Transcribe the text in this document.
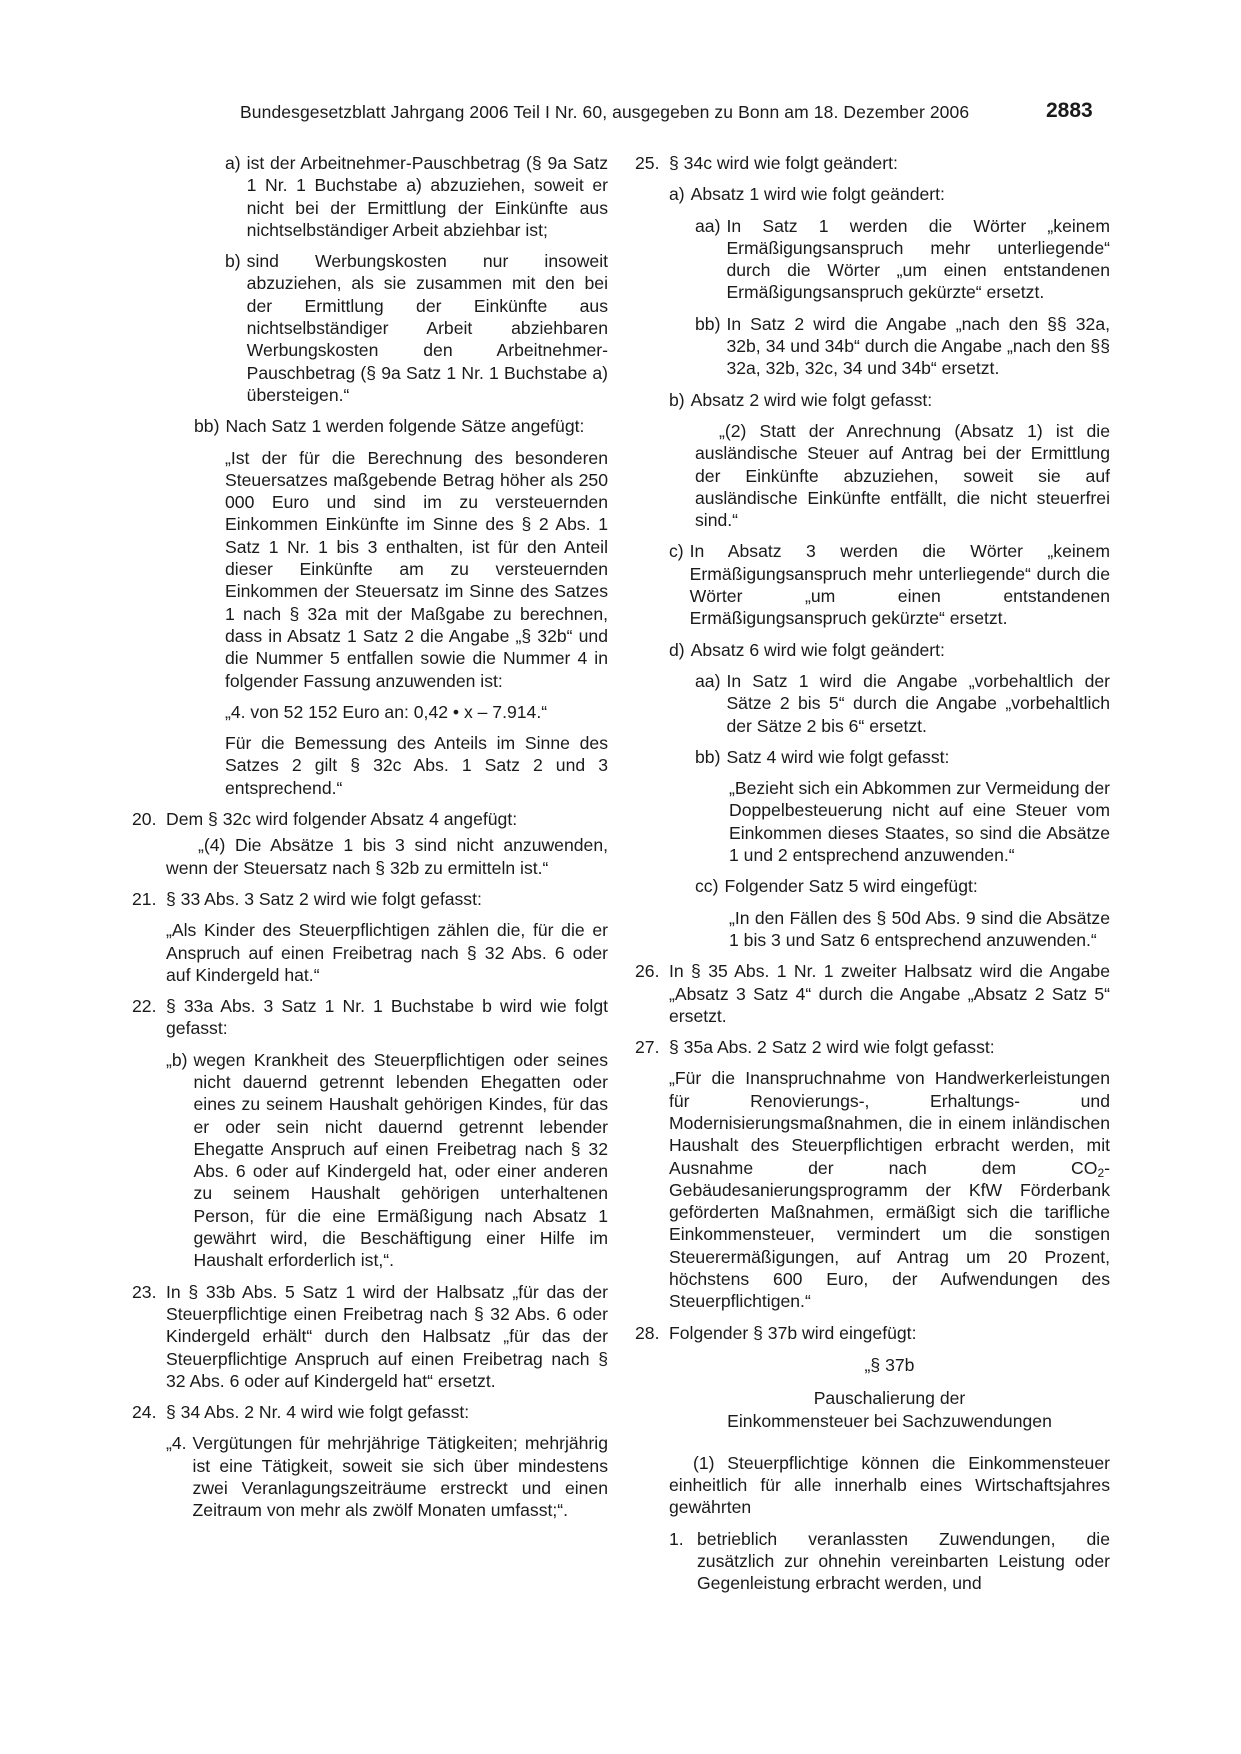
Bundesgesetzblatt Jahrgang 2006 Teil I Nr. 60, ausgegeben zu Bonn am 18. Dezember 2006	2883
a) ist der Arbeitnehmer-Pauschbetrag (§ 9a Satz 1 Nr. 1 Buchstabe a) abzuziehen, soweit er nicht bei der Ermittlung der Einkünfte aus nichtselbständiger Arbeit abziehbar ist;
b) sind Werbungskosten nur insoweit abzuziehen, als sie zusammen mit den bei der Ermittlung der Einkünfte aus nichtselbständiger Arbeit abziehbaren Werbungskosten den Arbeitnehmer-Pauschbetrag (§ 9a Satz 1 Nr. 1 Buchstabe a) übersteigen.“
bb) Nach Satz 1 werden folgende Sätze angefügt:

„Ist der für die Berechnung des besonderen Steuersatzes maßgebende Betrag höher als 250 000 Euro und sind im zu versteuernden Einkommen Einkünfte im Sinne des § 2 Abs. 1 Satz 1 Nr. 1 bis 3 enthalten, ist für den Anteil dieser Einkünfte am zu versteuernden Einkommen der Steuersatz im Sinne des Satzes 1 nach § 32a mit der Maßgabe zu berechnen, dass in Absatz 1 Satz 2 die Angabe „§ 32b“ und die Nummer 5 entfallen sowie die Nummer 4 in folgender Fassung anzuwenden ist:

„4. von 52 152 Euro an: 0,42 • x – 7.914.“

Für die Bemessung des Anteils im Sinne des Satzes 2 gilt § 32c Abs. 1 Satz 2 und 3 entsprechend.“

20. Dem § 32c wird folgender Absatz 4 angefügt:

„(4) Die Absätze 1 bis 3 sind nicht anzuwenden, wenn der Steuersatz nach § 32b zu ermitteln ist.“

21. § 33 Abs. 3 Satz 2 wird wie folgt gefasst:

„Als Kinder des Steuerpflichtigen zählen die, für die er Anspruch auf einen Freibetrag nach § 32 Abs. 6 oder auf Kindergeld hat.“

22. § 33a Abs. 3 Satz 1 Nr. 1 Buchstabe b wird wie folgt gefasst:
„b) wegen Krankheit des Steuerpflichtigen oder seines nicht dauernd getrennt lebenden Ehegatten oder eines zu seinem Haushalt gehörigen Kindes, für das er oder sein nicht dauernd getrennt lebender Ehegatte Anspruch auf einen Freibetrag nach § 32 Abs. 6 oder auf Kindergeld hat, oder einer anderen zu seinem Haushalt gehörigen unterhaltenen Person, für die eine Ermäßigung nach Absatz 1 gewährt wird, die Beschäftigung einer Hilfe im Haushalt erforderlich ist,“.
23. In § 33b Abs. 5 Satz 1 wird der Halbsatz „für das der Steuerpflichtige einen Freibetrag nach § 32 Abs. 6 oder Kindergeld erhält“ durch den Halbsatz „für das der Steuerpflichtige Anspruch auf einen Freibetrag nach § 32 Abs. 6 oder auf Kindergeld hat“ ersetzt.
24. § 34 Abs. 2 Nr. 4 wird wie folgt gefasst:
„4. Vergütungen für mehrjährige Tätigkeiten; mehrjährig ist eine Tätigkeit, soweit sie sich über mindestens zwei Veranlagungszeiträume erstreckt und einen Zeitraum von mehr als zwölf Monaten umfasst;“.
25. § 34c wird wie folgt geändert:
a) Absatz 1 wird wie folgt geändert:
aa) In Satz 1 werden die Wörter „keinem Ermäßigungsanspruch mehr unterliegende“ durch die Wörter „um einen entstandenen Ermäßigungsanspruch gekürzte“ ersetzt.
bb) In Satz 2 wird die Angabe „nach den §§ 32a, 32b, 34 und 34b“ durch die Angabe „nach den §§ 32a, 32b, 32c, 34 und 34b“ ersetzt.
b) Absatz 2 wird wie folgt gefasst:

„(2) Statt der Anrechnung (Absatz 1) ist die ausländische Steuer auf Antrag bei der Ermittlung der Einkünfte abzuziehen, soweit sie auf ausländische Einkünfte entfällt, die nicht steuerfrei sind.“

c) In Absatz 3 werden die Wörter „keinem Ermäßigungsanspruch mehr unterliegende“ durch die Wörter „um einen entstandenen Ermäßigungsanspruch gekürzte“ ersetzt.
d) Absatz 6 wird wie folgt geändert:
aa) In Satz 1 wird die Angabe „vorbehaltlich der Sätze 2 bis 5“ durch die Angabe „vorbehaltlich der Sätze 2 bis 6“ ersetzt.
bb) Satz 4 wird wie folgt gefasst:

„Bezieht sich ein Abkommen zur Vermeidung der Doppelbesteuerung nicht auf eine Steuer vom Einkommen dieses Staates, so sind die Absätze 1 und 2 entsprechend anzuwenden.“

cc) Folgender Satz 5 wird eingefügt:

„In den Fällen des § 50d Abs. 9 sind die Absätze 1 bis 3 und Satz 6 entsprechend anzuwenden.“

26. In § 35 Abs. 1 Nr. 1 zweiter Halbsatz wird die Angabe „Absatz 3 Satz 4“ durch die Angabe „Absatz 2 Satz 5“ ersetzt.
27. § 35a Abs. 2 Satz 2 wird wie folgt gefasst:

„Für die Inanspruchnahme von Handwerkerleistungen für Renovierungs-, Erhaltungs- und Modernisierungsmaßnahmen, die in einem inländischen Haushalt des Steuerpflichtigen erbracht werden, mit Ausnahme der nach dem $CO_2$-Gebäudesanierungsprogramm der KfW Förderbank geförderten Maßnahmen, ermäßigt sich die tarifliche Einkommensteuer, vermindert um die sonstigen Steuerermäßigungen, auf Antrag um 20 Prozent, höchstens 600 Euro, der Aufwendungen des Steuerpflichtigen.“

28. Folgender § 37b wird eingefügt:

„§ 37b

Pauschalierung der

Einkommensteuer bei Sachzuwendungen

(1) Steuerpflichtige können die Einkommensteuer einheitlich für alle innerhalb eines Wirtschaftsjahres gewährten

1. betrieblich veranlassten Zuwendungen, die zusätzlich zur ohnehin vereinbarten Leistung oder Gegenleistung erbracht werden, und
